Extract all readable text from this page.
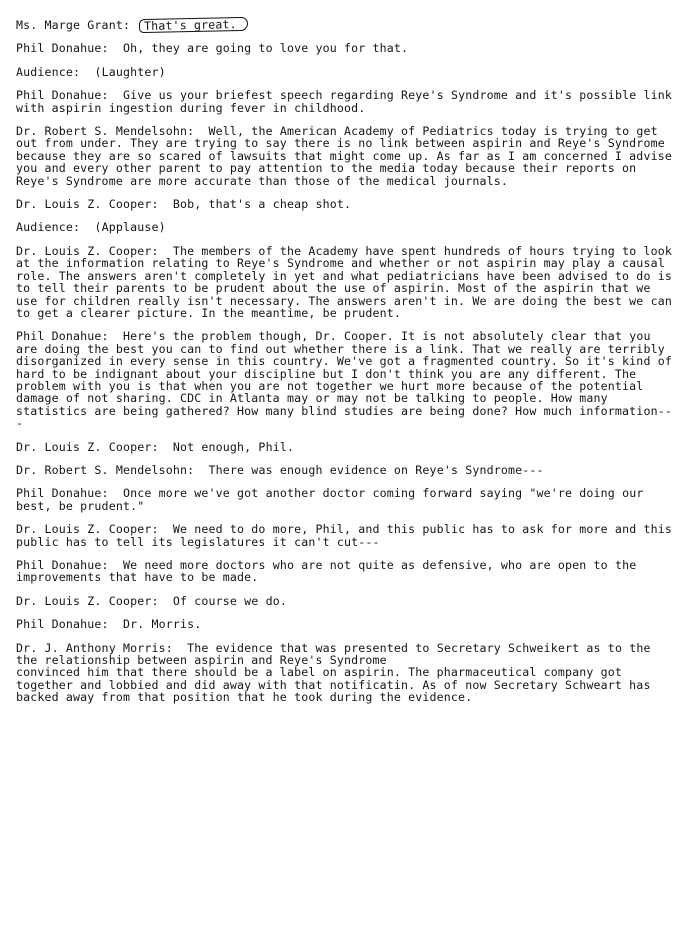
Ms. Marge Grant: That's great.

Phil Donahue: Oh, they are going to love you for that.

Audience: (Laughter)

Phil Donahue: Give us your briefest speech regarding Reye's Syndrome and it's possible link with aspirin ingestion during fever in childhood.

Dr. Robert S. Mendelsohn: Well, the American Academy of Pediatrics today is trying to get out from under. They are trying to say there is no link between aspirin and Reye's Syndrome because they are so scared of lawsuits that might come up. As far as I am concerned I advise you and every other parent to pay attention to the media today because their reports on Reye's Syndrome are more accurate than those of the medical journals.

Dr. Louis Z. Cooper: Bob, that's a cheap shot.

Audience: (Applause)

Dr. Louis Z. Cooper: The members of the Academy have spent hundreds of hours trying to look at the information relating to Reye's Syndrome and whether or not aspirin may play a causal role. The answers aren't completely in yet and what pediatricians have been advised to do is to tell their parents to be prudent about the use of aspirin. Most of the aspirin that we use for children really isn't necessary. The answers aren't in. We are doing the best we can to get a clearer picture. In the meantime, be prudent.

Phil Donahue: Here's the problem though, Dr. Cooper. It is not absolutely clear that you are doing the best you can to find out whether there is a link. That we really are terribly disorganized in every sense in this country. We've got a fragmented country. So it's kind of hard to be indignant about your discipline but I don't think you are any different. The problem with you is that when you are not together we hurt more because of the potential damage of not sharing. CDC in Atlanta may or may not be talking to people. How many statistics are being gathered? How many blind studies are being done? How much information---

Dr. Louis Z. Cooper: Not enough, Phil.

Dr. Robert S. Mendelsohn: There was enough evidence on Reye's Syndrome---

Phil Donahue: Once more we've got another doctor coming forward saying "we're doing our best, be prudent."

Dr. Louis Z. Cooper: We need to do more, Phil, and this public has to ask for more and this public has to tell its legislatures it can't cut---

Phil Donahue: We need more doctors who are not quite as defensive, who are open to the improvements that have to be made.

Dr. Louis Z. Cooper: Of course we do.

Phil Donahue: Dr. Morris.

Dr. J. Anthony Morris: The evidence that was presented to Secretary Schweikert as to the the relationship between aspirin and Reye's Syndrome

convinced him that there should be a label on aspirin. The pharmaceutical company got together and lobbied and did away with that notificatin. As of now Secretary Schweart has backed away from that position that he took during the evidence.
